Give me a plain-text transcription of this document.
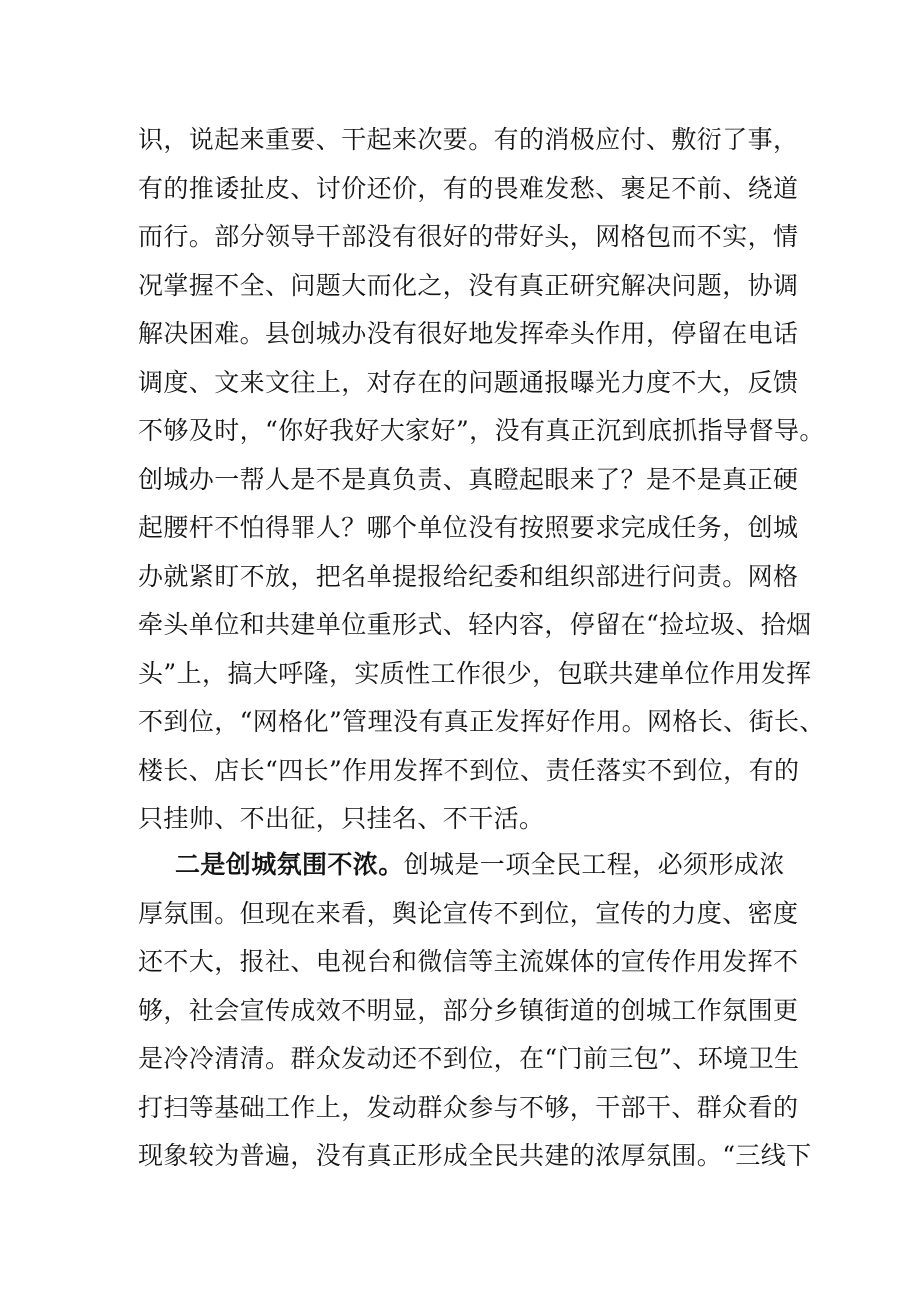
识，说起来重要、干起来次要。有的消极应付、敷衍了事，
有的推诿扯皮、讨价还价，有的畏难发愁、裹足不前、绕道
而行。部分领导干部没有很好的带好头，网格包而不实，情
况掌握不全、问题大而化之，没有真正研究解决问题，协调
解决困难。县创城办没有很好地发挥牵头作用，停留在电话
调度、文来文往上，对存在的问题通报曝光力度不大，反馈
不够及时，“你好我好大家好”，没有真正沉到底抓指导督导。
创城办一帮人是不是真负责、真瞪起眼来了？是不是真正硬
起腰杆不怕得罪人？哪个单位没有按照要求完成任务，创城
办就紧盯不放，把名单提报给纪委和组织部进行问责。网格
牵头单位和共建单位重形式、轻内容，停留在“捡垃圾、拾烟
头”上，搞大呼隆，实质性工作很少，包联共建单位作用发挥
不到位，“网格化”管理没有真正发挥好作用。网格长、街长、
楼长、店长“四长”作用发挥不到位、责任落实不到位，有的
只挂帅、不出征，只挂名、不干活。
二是创城氛围不浓。创城是一项全民工程，必须形成浓
厚氛围。但现在来看，舆论宣传不到位，宣传的力度、密度
还不大，报社、电视台和微信等主流媒体的宣传作用发挥不
够，社会宣传成效不明显，部分乡镇街道的创城工作氛围更
是冷冷清清。群众发动还不到位，在“门前三包”、环境卫生
打扫等基础工作上，发动群众参与不够，干部干、群众看的
现象较为普遍，没有真正形成全民共建的浓厚氛围。“三线下
